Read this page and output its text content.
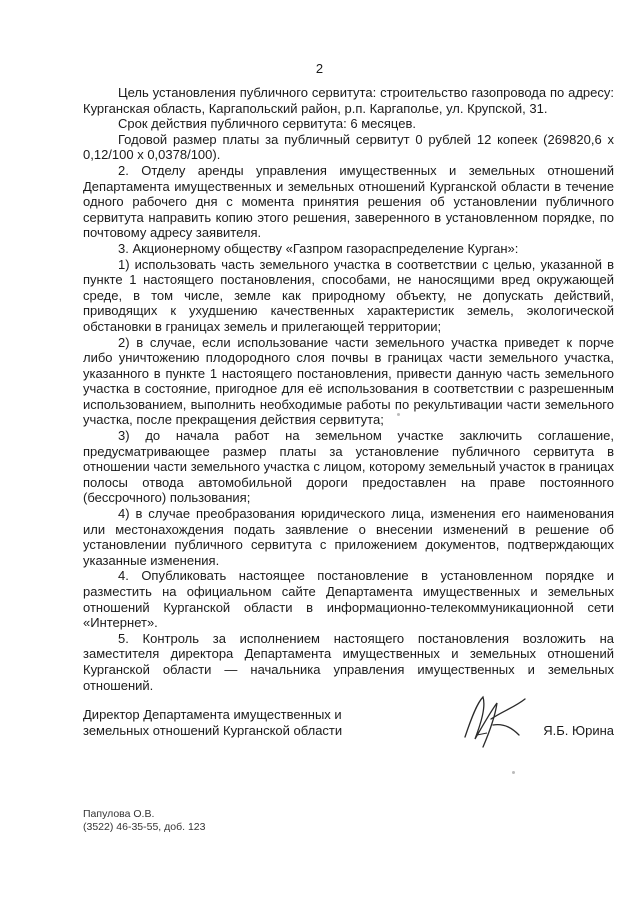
2

Цель установления публичного сервитута: строительство газопровода по адресу: Курганская область, Каргапольский район, р.п. Каргаполье, ул. Крупской, 31.

Срок действия публичного сервитута: 6 месяцев.

Годовой размер платы за публичный сервитут 0 рублей 12 копеек (269820,6 х 0,12/100 х 0,0378/100).

2. Отделу аренды управления имущественных и земельных отношений Департамента имущественных и земельных отношений Курганской области в течение одного рабочего дня с момента принятия решения об установлении публичного сервитута направить копию этого решения, заверенного в установленном порядке, по почтовому адресу заявителя.

3. Акционерному обществу «Газпром газораспределение Курган»:

1) использовать часть земельного участка в соответствии с целью, указанной в пункте 1 настоящего постановления, способами, не наносящими вред окружающей среде, в том числе, земле как природному объекту, не допускать действий, приводящих к ухудшению качественных характеристик земель, экологической обстановки в границах земель и прилегающей территории;

2) в случае, если использование части земельного участка приведет к порче либо уничтожению плодородного слоя почвы в границах части земельного участка, указанного в пункте 1 настоящего постановления, привести данную часть земельного участка в состояние, пригодное для её использования в соответствии с разрешенным использованием, выполнить необходимые работы по рекультивации части земельного участка, после прекращения действия сервитута;

3) до начала работ на земельном участке заключить соглашение, предусматривающее размер платы за установление публичного сервитута в отношении части земельного участка с лицом, которому земельный участок в границах полосы отвода автомобильной дороги предоставлен на праве постоянного (бессрочного) пользования;

4) в случае преобразования юридического лица, изменения его наименования или местонахождения подать заявление о внесении изменений в решение об установлении публичного сервитута с приложением документов, подтверждающих указанные изменения.

4. Опубликовать настоящее постановление в установленном порядке и разместить на официальном сайте Департамента имущественных и земельных отношений Курганской области в информационно-телекоммуникационной сети «Интернет».

5. Контроль за исполнением настоящего постановления возложить на заместителя директора Департамента имущественных и земельных отношений Курганской области — начальника управления имущественных и земельных отношений.

Директор Департамента имущественных и
земельных отношений Курганской области	Я.Б. Юрина
Папулова О.В.
(3522) 46-35-55, доб. 123
